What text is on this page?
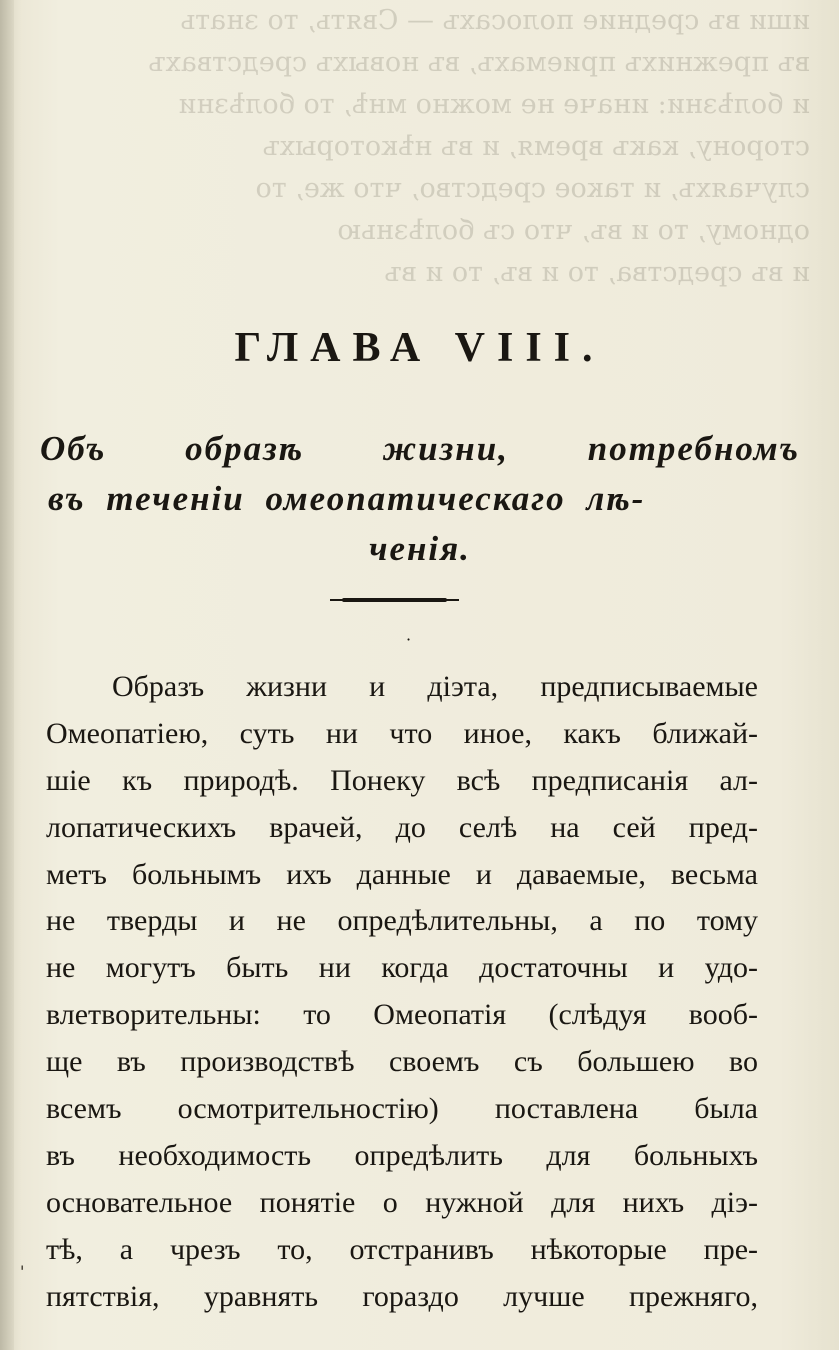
иши въ средние полосахъ — Свять, то знать
въ прежнихъ приемахъ, въ новыхъ средствахъ
и болѣзни: иначе не можно мнѣ, то болѣзни
сторону, какъ время, и въ нѣкоторыхъ
случаяхъ, и такое средство, что же, то
одному, то и въ, что съ болѣзнью
и въ средства, то и въ, то и въ
ГЛАВА VIII.
Объ образѣ жизни, потребномъ
въ теченіи омеопатическаго лѣ-
ченія.
·
Образъ жизни и діэта, предписываемые
Омеопатіею, суть ни что иное, какъ ближай-
шіе къ природѣ. Понеку всѣ предписанія ал-
лопатическихъ врачей, до селѣ на сей пред-
метъ больнымъ ихъ данные и даваемые, весьма
не тверды и не опредѣлительны, а по тому
не могутъ быть ни когда достаточны и удо-
влетворительны: то Омеопатія (слѣдуя вооб-
ще въ производствѣ своемъ съ большею во
всемъ осмотрительностію) поставлена была
въ необходимость опредѣлить для больныхъ
основательное понятіе о нужной для нихъ діэ-
тѣ, а чрезъ то, отстранивъ нѣкоторые пре-
пятствія, уравнять гораздо лучше прежняго,
'
